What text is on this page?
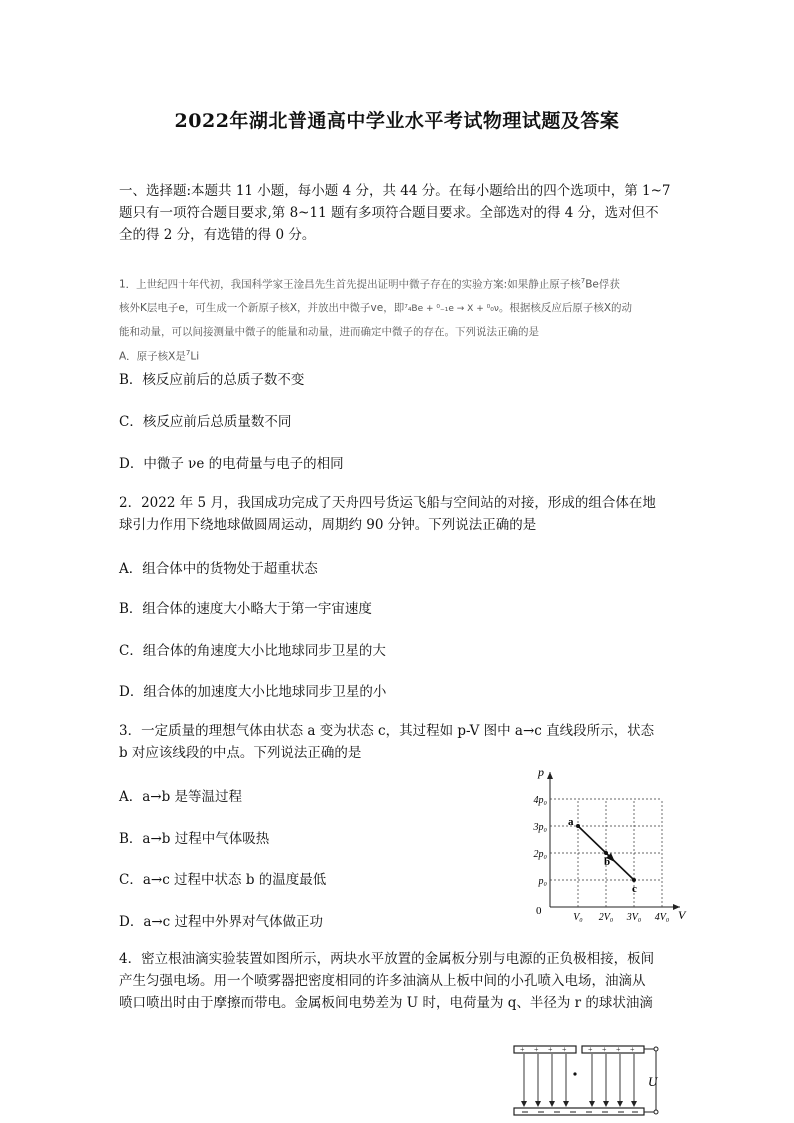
2022年湖北普通高中学业水平考试物理试题及答案
一、选择题:本题共 11 小题，每小题 4 分，共 44 分。在每小题给出的四个选项中，第 1~7
题只有一项符合题目要求,第 8~11 题有多项符合题目要求。全部选对的得 4 分，选对但不
全的得 2 分，有选错的得 0 分。
1．上世纪四十年代初，我国科学家王淦昌先生首先提出证明中微子存在的实验方案:如果静止原子核$^7$Be俘获
核外K层电子e，可生成一个新原子核X，并放出中微子ve，即⁷₄Be + ⁰₋₁e → X + ⁰₀ν。根据核反应后原子核X的动
能和动量，可以间接测量中微子的能量和动量，进而确定中微子的存在。下列说法正确的是
A．原子核X是$^7$Li
B．核反应前后的总质子数不变
C．核反应前后总质量数不同
D．中微子 νe 的电荷量与电子的相同
2．2022 年 5 月，我国成功完成了天舟四号货运飞船与空间站的对接，形成的组合体在地
球引力作用下绕地球做圆周运动，周期约 90 分钟。下列说法正确的是
A．组合体中的货物处于超重状态
B．组合体的速度大小略大于第一宇宙速度
C．组合体的角速度大小比地球同步卫星的大
D．组合体的加速度大小比地球同步卫星的小
3．一定质量的理想气体由状态 a 变为状态 c，其过程如 p-V 图中 a→c 直线段所示，状态
b 对应该线段的中点。下列说法正确的是
A．a→b 是等温过程
B．a→b 过程中气体吸热
C．a→c 过程中状态 b 的温度最低
D．a→c 过程中外界对气体做正功
p
V
0
p₀
2p₀
3p₀
4p₀
V₀ 2V₀ 3V₀ 4V₀
a
b
c
4．密立根油滴实验装置如图所示，两块水平放置的金属板分别与电源的正负极相接，板间
产生匀强电场。用一个喷雾器把密度相同的许多油滴从上板中间的小孔喷入电场，油滴从
喷口喷出时由于摩擦而带电。金属板间电势差为 U 时，电荷量为 q、半径为 r 的球状油滴
+ + + +	+ + + +
U
